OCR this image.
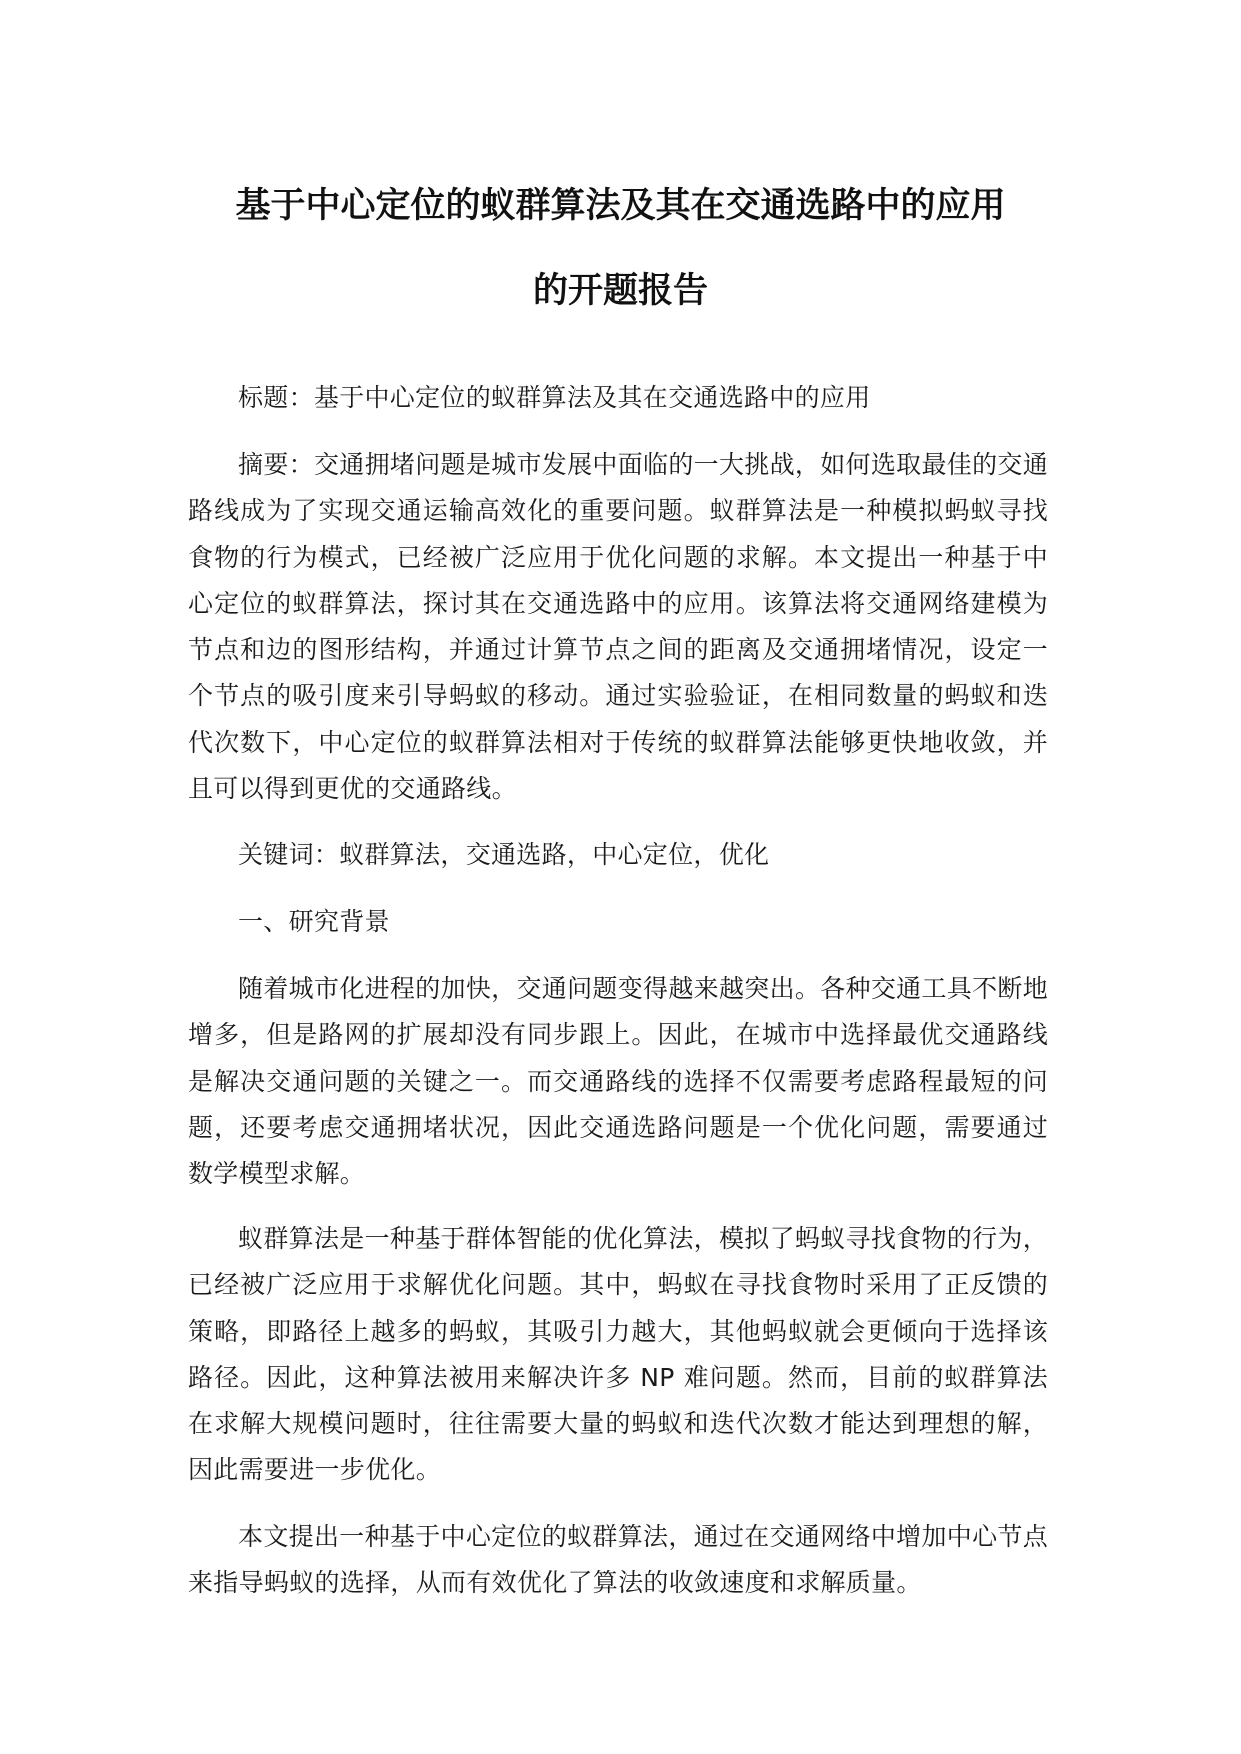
基于中心定位的蚁群算法及其在交通选路中的应用
的开题报告

标题：基于中心定位的蚁群算法及其在交通选路中的应用

摘要：交通拥堵问题是城市发展中面临的一大挑战，如何选取最佳的交通路线成为了实现交通运输高效化的重要问题。蚁群算法是一种模拟蚂蚁寻找食物的行为模式，已经被广泛应用于优化问题的求解。本文提出一种基于中心定位的蚁群算法，探讨其在交通选路中的应用。该算法将交通网络建模为节点和边的图形结构，并通过计算节点之间的距离及交通拥堵情况，设定一个节点的吸引度来引导蚂蚁的移动。通过实验验证，在相同数量的蚂蚁和迭代次数下，中心定位的蚁群算法相对于传统的蚁群算法能够更快地收敛，并且可以得到更优的交通路线。

关键词：蚁群算法，交通选路，中心定位，优化

一、研究背景

随着城市化进程的加快，交通问题变得越来越突出。各种交通工具不断地增多，但是路网的扩展却没有同步跟上。因此，在城市中选择最优交通路线是解决交通问题的关键之一。而交通路线的选择不仅需要考虑路程最短的问题，还要考虑交通拥堵状况，因此交通选路问题是一个优化问题，需要通过数学模型求解。

蚁群算法是一种基于群体智能的优化算法，模拟了蚂蚁寻找食物的行为，已经被广泛应用于求解优化问题。其中，蚂蚁在寻找食物时采用了正反馈的策略，即路径上越多的蚂蚁，其吸引力越大，其他蚂蚁就会更倾向于选择该路径。因此，这种算法被用来解决许多 NP 难问题。然而，目前的蚁群算法在求解大规模问题时，往往需要大量的蚂蚁和迭代次数才能达到理想的解，因此需要进一步优化。

本文提出一种基于中心定位的蚁群算法，通过在交通网络中增加中心节点来指导蚂蚁的选择，从而有效优化了算法的收敛速度和求解质量。
